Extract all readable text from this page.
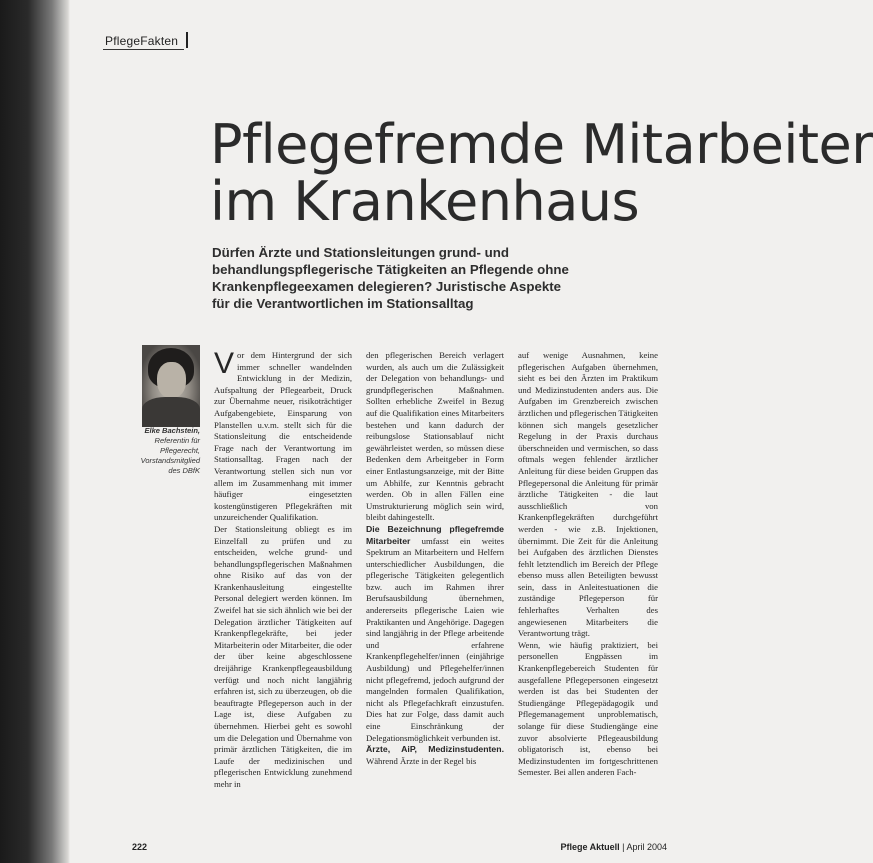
PflegeFakten
Pflegefremde Mitarbeiter
im Krankenhaus

Dürfen Ärzte und Stationsleitungen grund- und behandlungspflegerische Tätigkeiten an Pflegende ohne Krankenpflegeexamen delegieren? Juristische Aspekte für die Verantwortlichen im Stationsalltag

Elke Bachstein,
Referentin für Pflegerecht, Vorstandsmitglied des DBfK

Vor dem Hintergrund der sich immer schneller wandelnden Entwicklung in der Medizin, Aufspaltung der Pflegearbeit, Druck zur Übernahme neuer, risikoträchtiger Aufgabengebiete, Einsparung von Planstellen u.v.m. stellt sich für die Stationsleitung die entscheidende Frage nach der Verantwortung im Stationsalltag. Fragen nach der Verantwortung stellen sich nun vor allem im Zusammenhang mit immer häufiger eingesetzten kostengünstigeren Pflegekräften mit unzureichender Qualifikation.

Der Stationsleitung obliegt es im Einzelfall zu prüfen und zu entscheiden, welche grund- und behandlungspflegerischen Maßnahmen ohne Risiko auf das von der Krankenhausleitung eingestellte Personal delegiert werden können. Im Zweifel hat sie sich ähnlich wie bei der Delegation ärztlicher Tätigkeiten auf Krankenpflegekräfte, bei jeder Mitarbeiterin oder Mitarbeiter, die oder der über keine abgeschlossene dreijährige Krankenpflegeausbildung verfügt und noch nicht langjährig erfahren ist, sich zu überzeugen, ob die beauftragte Pflegeperson auch in der Lage ist, diese Aufgaben zu übernehmen. Hierbei geht es sowohl um die Delegation und Übernahme von primär ärztlichen Tätigkeiten, die im Laufe der medizinischen und pflegerischen Entwicklung zunehmend mehr in

den pflegerischen Bereich verlagert wurden, als auch um die Zulässigkeit der Delegation von behandlungs- und grundpflegerischen Maßnahmen. Sollten erhebliche Zweifel in Bezug auf die Qualifikation eines Mitarbeiters bestehen und kann dadurch der reibungslose Stationsablauf nicht gewährleistet werden, so müssen diese Bedenken dem Arbeitgeber in Form einer Entlastungsanzeige, mit der Bitte um Abhilfe, zur Kenntnis gebracht werden. Ob in allen Fällen eine Umstrukturierung möglich sein wird, bleibt dahingestellt.

Die Bezeichnung pflegefremde Mitarbeiter umfasst ein weites Spektrum an Mitarbeitern und Helfern unterschiedlicher Ausbildungen, die pflegerische Tätigkeiten gelegentlich bzw. auch im Rahmen ihrer Berufsausbildung übernehmen, andererseits pflegerische Laien wie Praktikanten und Angehörige. Dagegen sind langjährig in der Pflege arbeitende und erfahrene Krankenpflegehelfer/innen (einjährige Ausbildung) und Pflegehelfer/innen nicht pflegefremd, jedoch aufgrund der mangelnden formalen Qualifikation, nicht als Pflegefachkraft einzustufen. Dies hat zur Folge, dass damit auch eine Einschränkung der Delegationsmöglichkeit verbunden ist.

Ärzte, AiP, Medizinstudenten. Während Ärzte in der Regel bis

auf wenige Ausnahmen, keine pflegerischen Aufgaben übernehmen, sieht es bei den Ärzten im Praktikum und Medizinstudenten anders aus. Die Aufgaben im Grenzbereich zwischen ärztlichen und pflegerischen Tätigkeiten können sich mangels gesetzlicher Regelung in der Praxis durchaus überschneiden und vermischen, so dass oftmals wegen fehlender ärztlicher Anleitung für diese beiden Gruppen das Pflegepersonal die Anleitung für primär ärztliche Tätigkeiten - die laut ausschließlich von Krankenpflegekräften durchgeführt werden - wie z.B. Injektionen, übernimmt. Die Zeit für die Anleitung bei Aufgaben des ärztlichen Dienstes fehlt letztendlich im Bereich der Pflege ebenso muss allen Beteiligten bewusst sein, dass in Anleitestuationen die zuständige Pflegeperson für fehlerhaftes Verhalten des angewiesenen Mitarbeiters die Verantwortung trägt.

Wenn, wie häufig praktiziert, bei personellen Engpässen im Krankenpflegebereich Studenten für ausgefallene Pflegepersonen eingesetzt werden ist das bei Studenten der Studiengänge Pflegepädagogik und Pflegemanagement unproblematisch, solange für diese Studiengänge eine zuvor absolvierte Pflegeausbildung obligatorisch ist, ebenso bei Medizinstudenten im fortgeschrittenen Semester. Bei allen anderen Fach-

222	Pflege Aktuell | April 2004
